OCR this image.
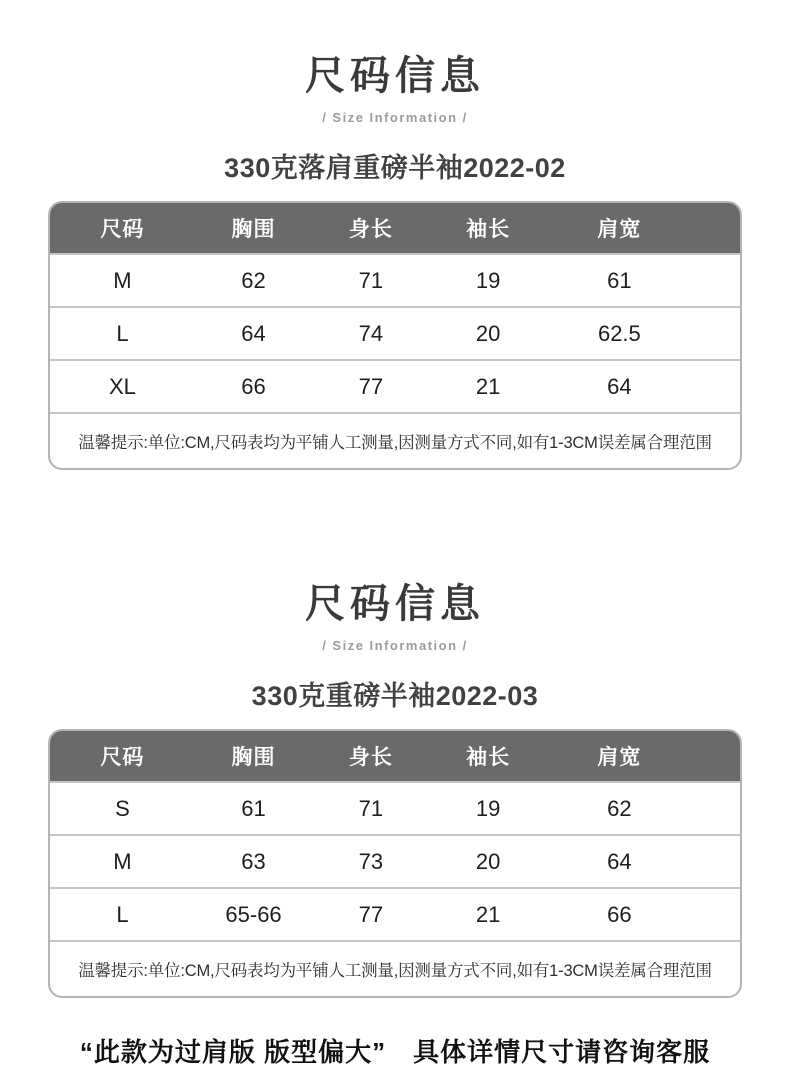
尺码信息
/ Size Information /
330克落肩重磅半袖2022-02
尺码	胸围	身长	袖长	肩宽
M	62	71	19	61
L	64	74	20	62.5
XL	66	77	21	64
温馨提示:单位:CM,尺码表均为平铺人工测量,因测量方式不同,如有1-3CM误差属合理范围
尺码信息
/ Size Information /
330克重磅半袖2022-03
尺码	胸围	身长	袖长	肩宽
S	61	71	19	62
M	63	73	20	64
L	65-66	77	21	66
温馨提示:单位:CM,尺码表均为平铺人工测量,因测量方式不同,如有1-3CM误差属合理范围
“此款为过肩版 版型偏大”　具体详情尺寸请咨询客服
